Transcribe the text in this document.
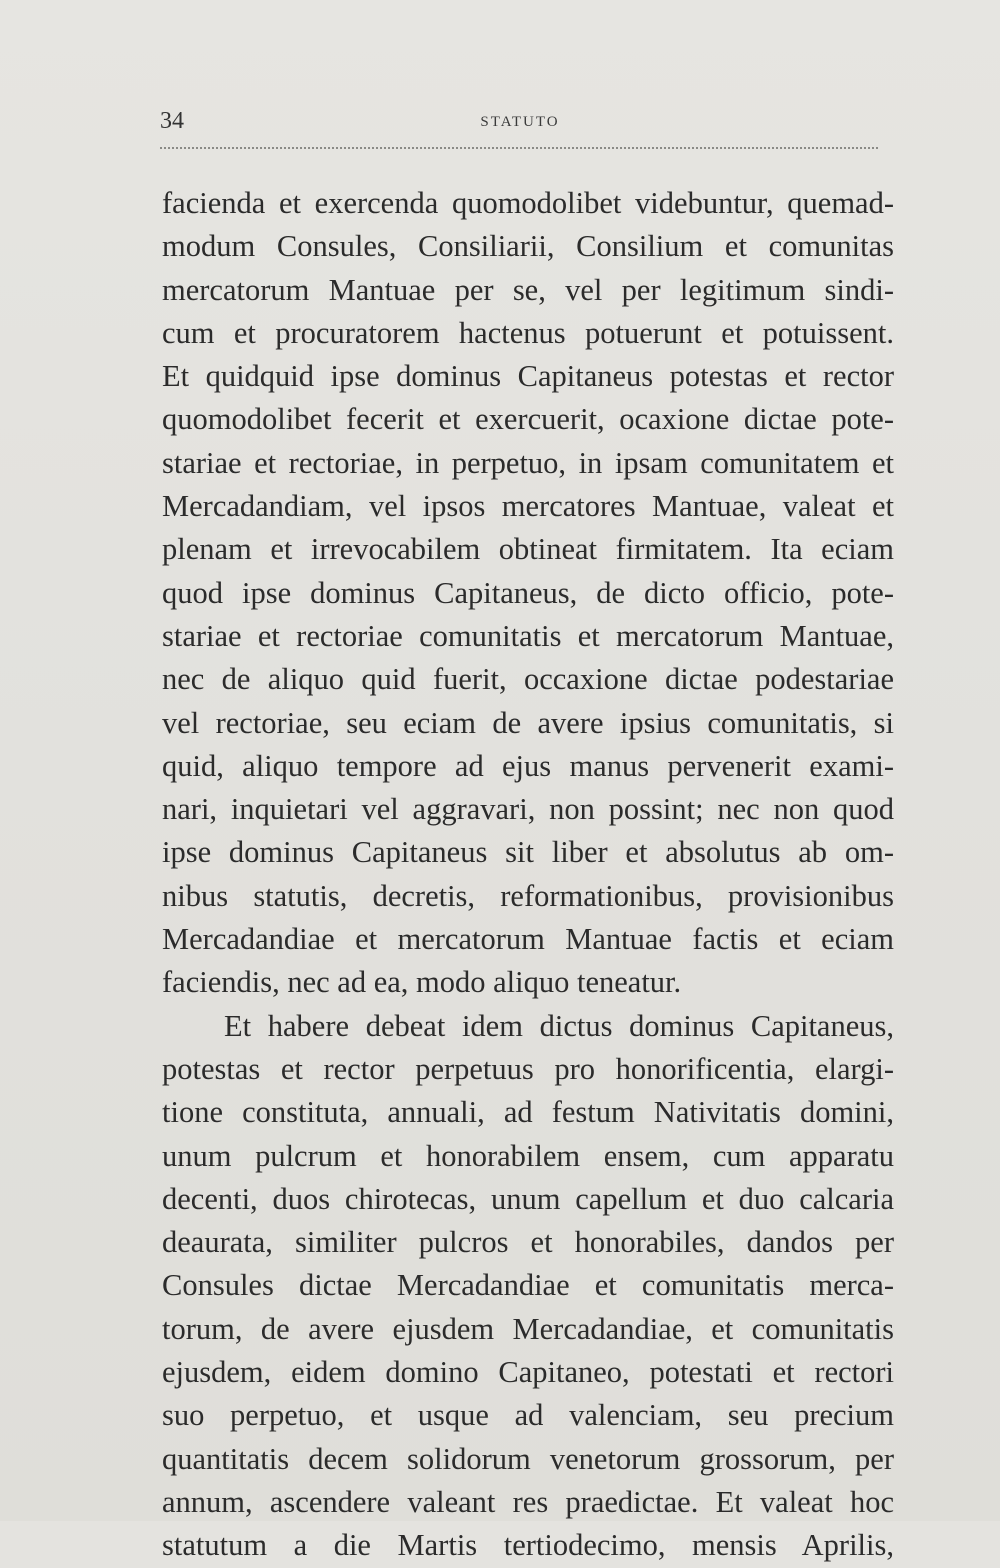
34	STATUTO
facienda et exercenda quomodolibet videbuntur, quemad-
modum Consules, Consiliarii, Consilium et comunitas
mercatorum Mantuae per se, vel per legitimum sindi-
cum et procuratorem hactenus potuerunt et potuissent.
Et quidquid ipse dominus Capitaneus potestas et rector
quomodolibet fecerit et exercuerit, ocaxione dictae pote-
stariae et rectoriae, in perpetuo, in ipsam comunitatem et
Mercadandiam, vel ipsos mercatores Mantuae, valeat et
plenam et irrevocabilem obtineat firmitatem. Ita eciam
quod ipse dominus Capitaneus, de dicto officio, pote-
stariae et rectoriae comunitatis et mercatorum Mantuae,
nec de aliquo quid fuerit, occaxione dictae podestariae
vel rectoriae, seu eciam de avere ipsius comunitatis, si
quid, aliquo tempore ad ejus manus pervenerit exami-
nari, inquietari vel aggravari, non possint; nec non quod
ipse dominus Capitaneus sit liber et absolutus ab om-
nibus statutis, decretis, reformationibus, provisionibus
Mercadandiae et mercatorum Mantuae factis et eciam
faciendis, nec ad ea, modo aliquo teneatur.
Et habere debeat idem dictus dominus Capitaneus,
potestas et rector perpetuus pro honorificentia, elargi-
tione constituta, annuali, ad festum Nativitatis domini,
unum pulcrum et honorabilem ensem, cum apparatu
decenti, duos chirotecas, unum capellum et duo calcaria
deaurata, similiter pulcros et honorabiles, dandos per
Consules dictae Mercadandiae et comunitatis merca-
torum, de avere ejusdem Mercadandiae, et comunitatis
ejusdem, eidem domino Capitaneo, potestati et rectori
suo perpetuo, et usque ad valenciam, seu precium
quantitatis decem solidorum venetorum grossorum, per
annum, ascendere valeant res praedictae. Et valeat hoc
statutum a die Martis tertiodecimo, mensis Aprilis,
